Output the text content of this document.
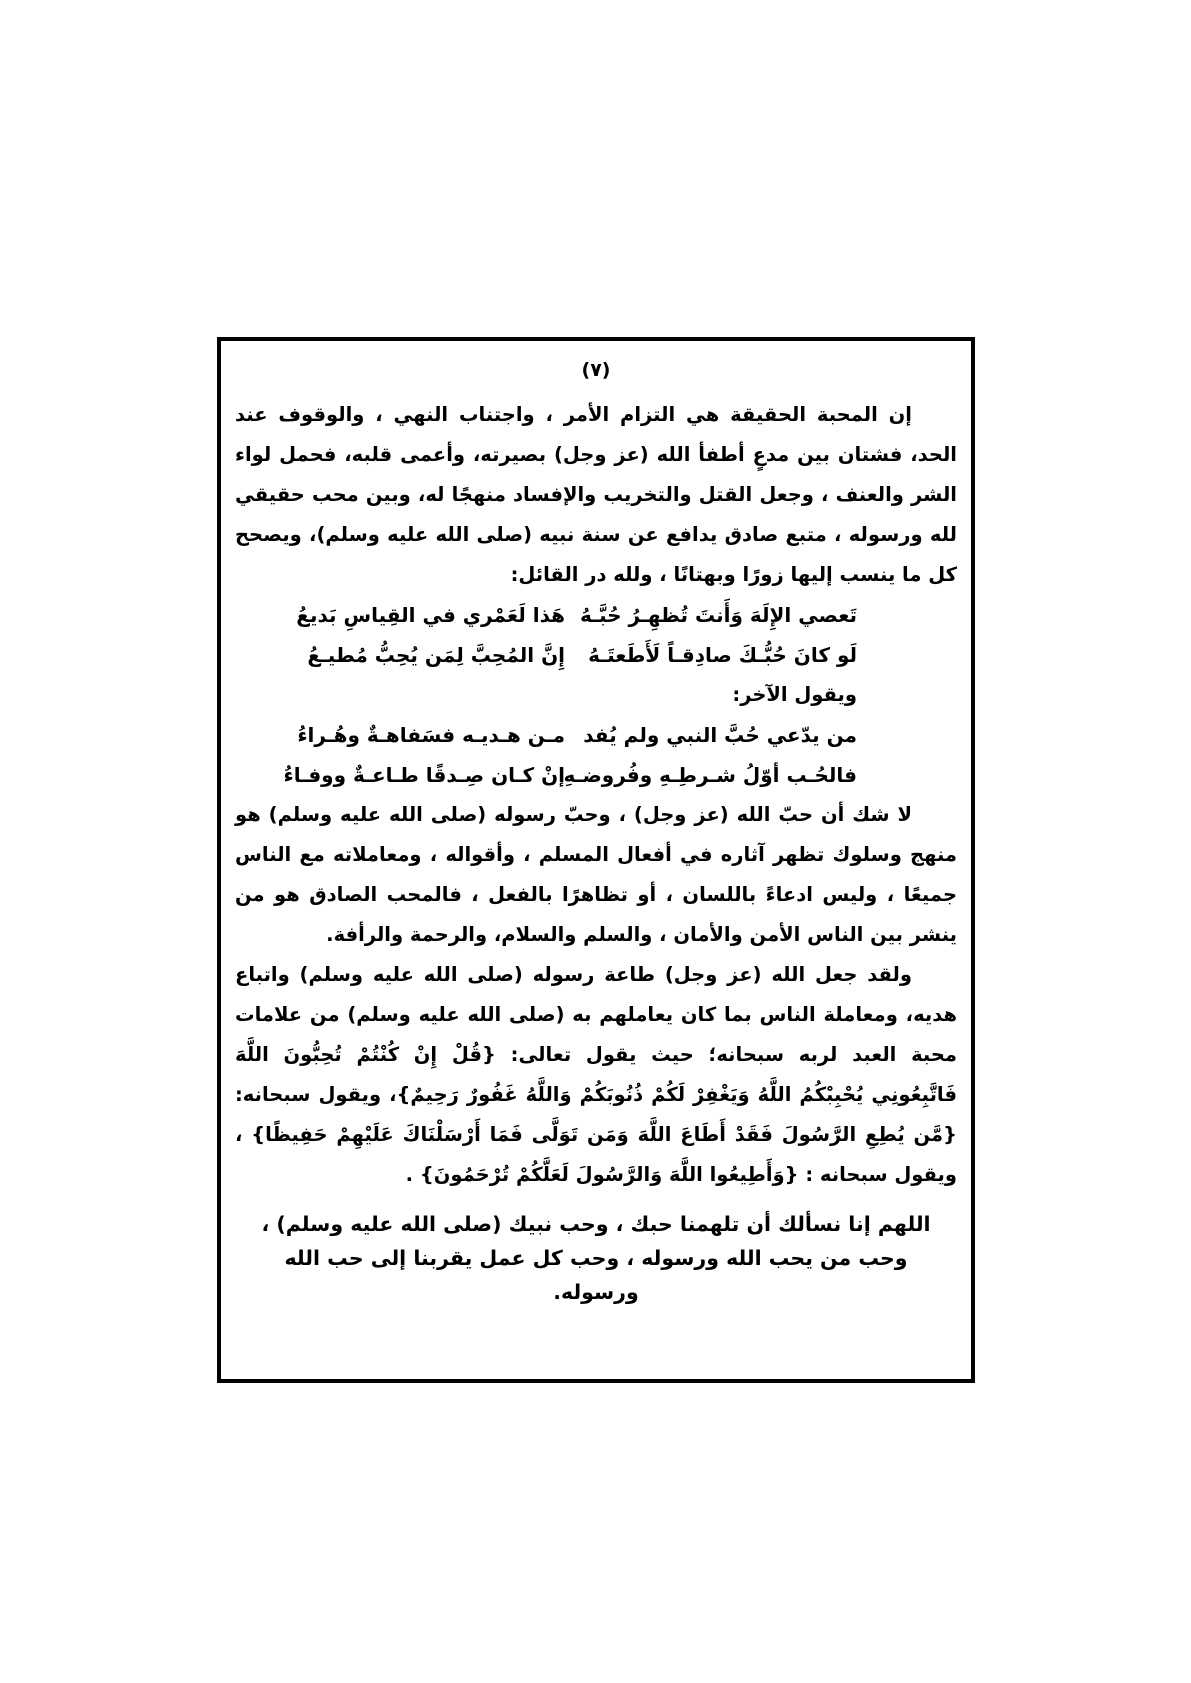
(٧)

إن المحبة الحقيقة هي التزام الأمر ، واجتناب النهي ، والوقوف عند الحد، فشتان بين مدعٍ أطفأ الله (عز وجل) بصيرته، وأعمى قلبه، فحمل لواء الشر والعنف ، وجعل القتل والتخريب والإفساد منهجًا له، وبين محب حقيقي لله ورسوله ، متبع صادق يدافع عن سنة نبيه (صلى الله عليه وسلم)، ويصحح كل ما ينسب إليها زورًا وبهتانًا ، ولله در القائل:

تَعصي الإِلَهَ وَأَنتَ تُظهِـرُ حُبَّـهُ
هَذا لَعَمْري في القِياسِ بَديعُ
لَو كانَ حُبُّـكَ صادِقـاً لَأَطَعتَـهُ
إِنَّ المُحِبَّ لِمَن يُحِبُّ مُطيـعُ
ويقول الآخر:
من يدّعي حُبَّ النبي ولم يُفد
مـن هـديـه فسَفاهـةٌ وهُـراءُ
فالحُـب أوّلُ شـرطِـهِ وفُروضـهِ
إنْ كـان صِـدقًا طـاعـةٌ ووفـاءُ

لا شك أن حبّ الله (عز وجل) ، وحبّ رسوله (صلى الله عليه وسلم) هو منهج وسلوك تظهر آثاره في أفعال المسلم ، وأقواله ، ومعاملاته مع الناس جميعًا ، وليس ادعاءً باللسان ، أو تظاهرًا بالفعل ، فالمحب الصادق هو من ينشر بين الناس الأمن والأمان ، والسلم والسلام، والرحمة والرأفة.

ولقد جعل الله (عز وجل) طاعة رسوله (صلى الله عليه وسلم) واتباع هديه، ومعاملة الناس بما كان يعاملهم به (صلى الله عليه وسلم) من علامات محبة العبد لربه سبحانه؛ حيث يقول تعالى: {قُلْ إِنْ كُنْتُمْ تُحِبُّونَ اللَّهَ فَاتَّبِعُونِي يُحْبِبْكُمُ اللَّهُ وَيَغْفِرْ لَكُمْ ذُنُوبَكُمْ وَاللَّهُ غَفُورٌ رَحِيمٌ}، ويقول سبحانه: {مَّن يُطِعِ الرَّسُولَ فَقَدْ أَطَاعَ اللَّهَ وَمَن تَوَلَّى فَمَا أَرْسَلْنَاكَ عَلَيْهِمْ حَفِيظًا} ، ويقول سبحانه : {وَأَطِيعُوا اللَّهَ وَالرَّسُولَ لَعَلَّكُمْ تُرْحَمُونَ} .

اللهم إنا نسألك أن تلهمنا حبك ، وحب نبيك (صلى الله عليه وسلم) ، وحب من يحب الله ورسوله ، وحب كل عمل يقربنا إلى حب الله ورسوله.
